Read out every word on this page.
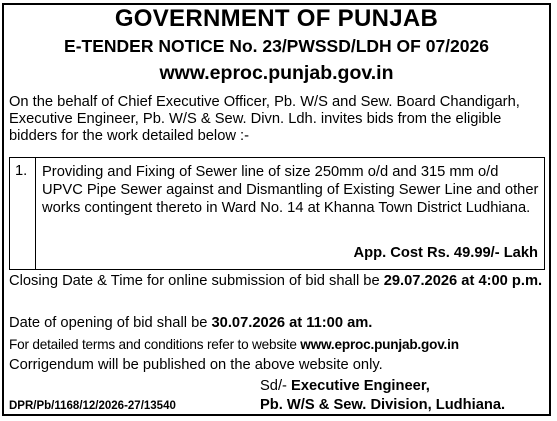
GOVERNMENT OF PUNJAB
E-TENDER NOTICE No. 23/PWSSD/LDH OF 07/2026
www.eproc.punjab.gov.in
On the behalf of Chief Executive Officer, Pb. W/S and Sew. Board Chandigarh, Executive Engineer, Pb. W/S & Sew. Divn. Ldh. invites bids from the eligible bidders for the work detailed below :-
1. Providing and Fixing of Sewer line of size 250mm o/d and 315 mm o/d UPVC Pipe Sewer against and Dismantling of Existing Sewer Line and other works contingent thereto in Ward No. 14 at Khanna Town District Ludhiana.
App. Cost Rs. 49.99/- Lakh
Closing Date & Time for online submission of bid shall be 29.07.2026 at 4:00 p.m.
Date of opening of bid shall be 30.07.2026 at 11:00 am.
For detailed terms and conditions refer to website www.eproc.punjab.gov.in
Corrigendum will be published on the above website only.
Sd/- Executive Engineer,
Pb. W/S & Sew. Division, Ludhiana.
DPR/Pb/1168/12/2026-27/13540
